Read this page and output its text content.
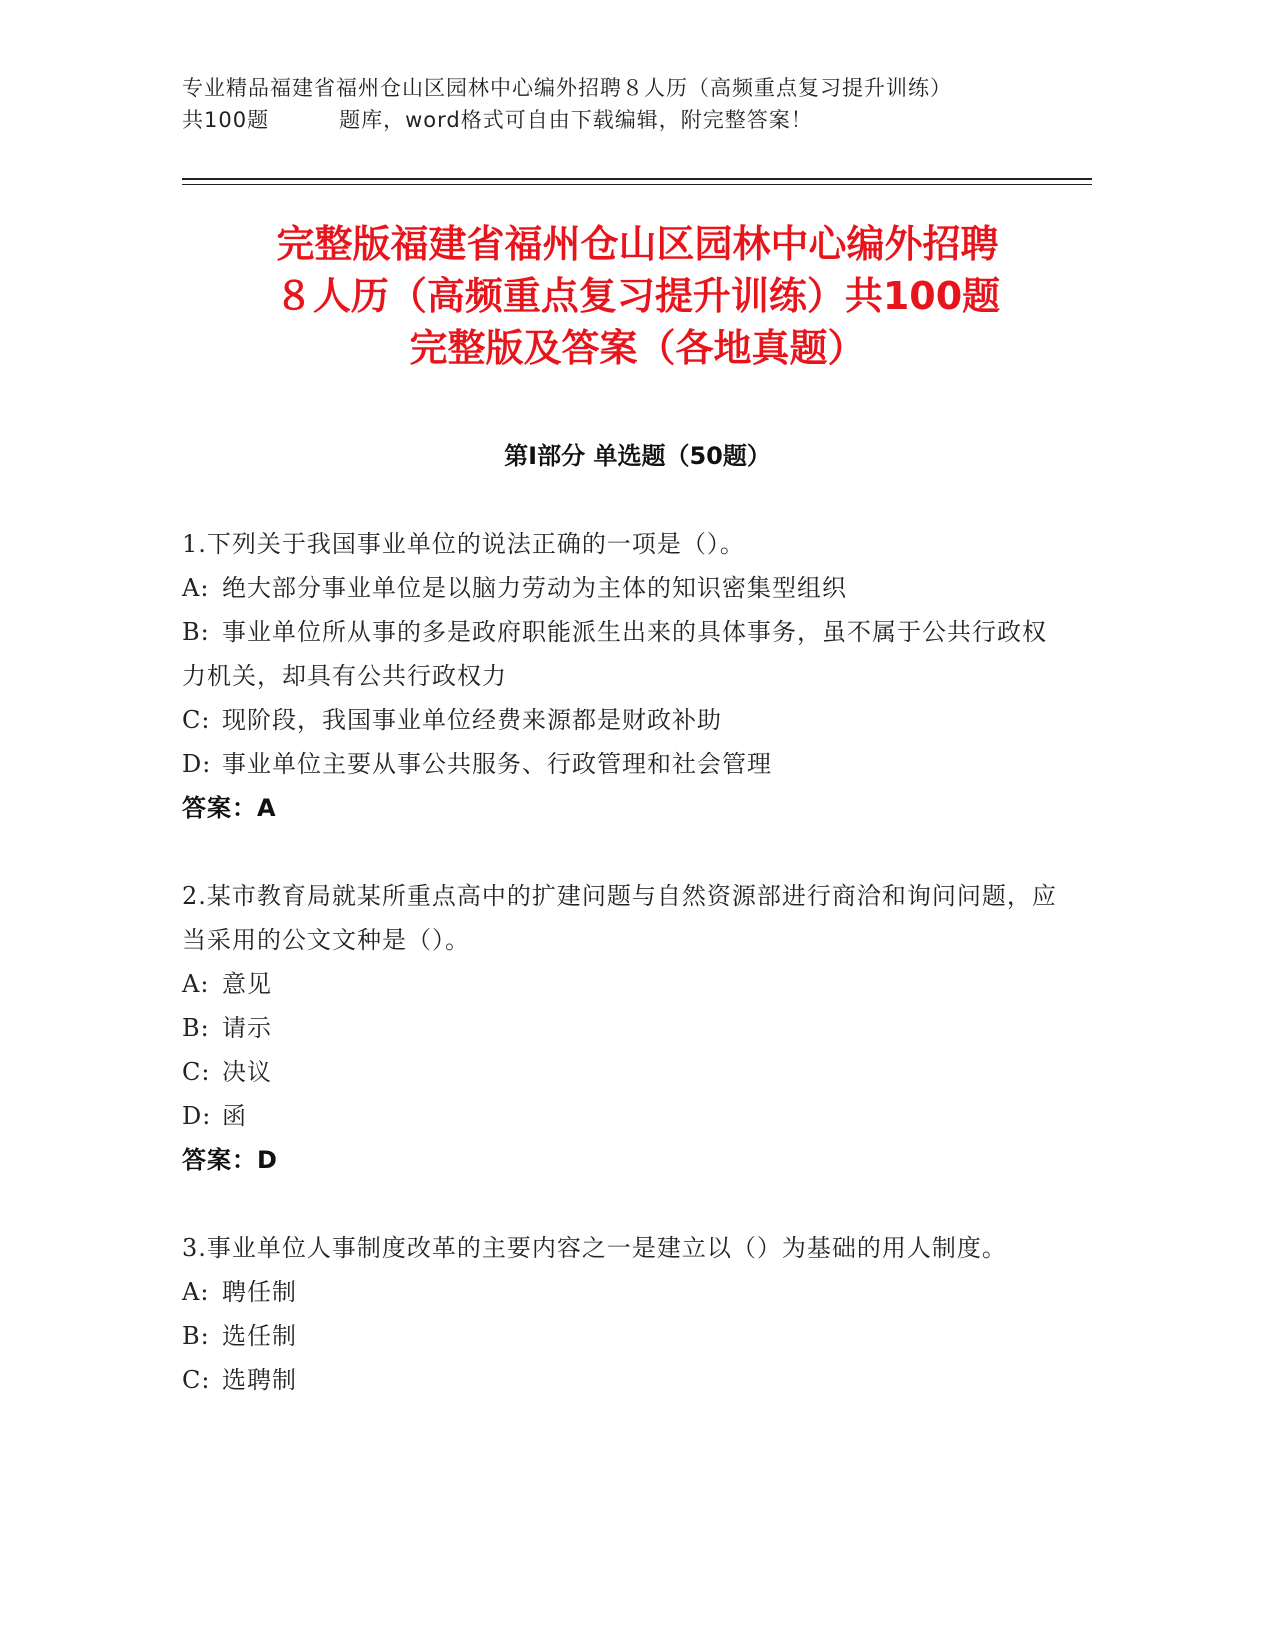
专业精品福建省福州仓山区园林中心编外招聘８人历（高频重点复习提升训练）
共100题	题库，word格式可自由下载编辑，附完整答案！
完整版福建省福州仓山区园林中心编外招聘
８人历（高频重点复习提升训练）共100题
完整版及答案（各地真题）
第Ⅰ部分 单选题（50题）
1.下列关于我国事业单位的说法正确的一项是（）。
A: 绝大部分事业单位是以脑力劳动为主体的知识密集型组织
B: 事业单位所从事的多是政府职能派生出来的具体事务，虽不属于公共行政权力机关，却具有公共行政权力
C: 现阶段，我国事业单位经费来源都是财政补助
D: 事业单位主要从事公共服务、行政管理和社会管理
答案：A
2.某市教育局就某所重点高中的扩建问题与自然资源部进行商洽和询问问题，应当采用的公文文种是（）。
A: 意见
B: 请示
C: 决议
D: 函
答案：D
3.事业单位人事制度改革的主要内容之一是建立以（）为基础的用人制度。
A: 聘任制
B: 选任制
C: 选聘制
